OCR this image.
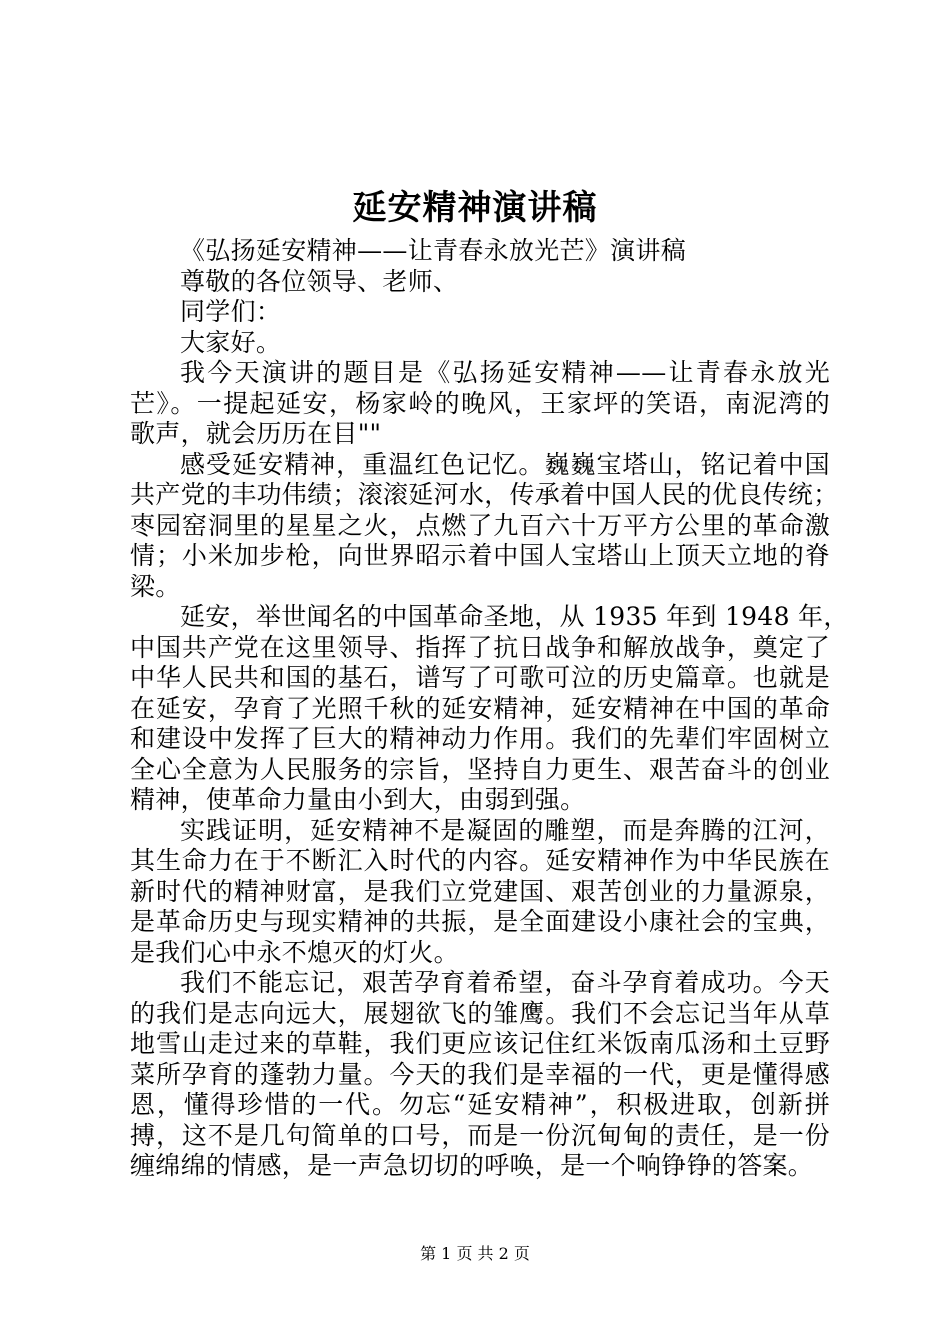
延安精神演讲稿
《弘扬延安精神——让青春永放光芒》演讲稿
尊敬的各位领导、老师、
同学们：
大家好。
我今天演讲的题目是《弘扬延安精神——让青春永放光
芒》。一提起延安，杨家岭的晚风，王家坪的笑语，南泥湾的
歌声，就会历历在目""
感受延安精神，重温红色记忆。巍巍宝塔山，铭记着中国
共产党的丰功伟绩；滚滚延河水，传承着中国人民的优良传统；
枣园窑洞里的星星之火，点燃了九百六十万平方公里的革命激
情；小米加步枪，向世界昭示着中国人宝塔山上顶天立地的脊
梁。
延安，举世闻名的中国革命圣地，从 1935 年到 1948 年，
中国共产党在这里领导、指挥了抗日战争和解放战争，奠定了
中华人民共和国的基石，谱写了可歌可泣的历史篇章。也就是
在延安，孕育了光照千秋的延安精神，延安精神在中国的革命
和建设中发挥了巨大的精神动力作用。我们的先辈们牢固树立
全心全意为人民服务的宗旨，坚持自力更生、艰苦奋斗的创业
精神，使革命力量由小到大，由弱到强。
实践证明，延安精神不是凝固的雕塑，而是奔腾的江河，
其生命力在于不断汇入时代的内容。延安精神作为中华民族在
新时代的精神财富，是我们立党建国、艰苦创业的力量源泉，
是革命历史与现实精神的共振，是全面建设小康社会的宝典，
是我们心中永不熄灭的灯火。
我们不能忘记，艰苦孕育着希望，奋斗孕育着成功。今天
的我们是志向远大，展翅欲飞的雏鹰。我们不会忘记当年从草
地雪山走过来的草鞋，我们更应该记住红米饭南瓜汤和土豆野
菜所孕育的蓬勃力量。今天的我们是幸福的一代，更是懂得感
恩，懂得珍惜的一代。勿忘“延安精神”，积极进取，创新拼
搏，这不是几句简单的口号，而是一份沉甸甸的责任，是一份
缠绵绵的情感，是一声急切切的呼唤，是一个响铮铮的答案。
第 1 页 共 2 页
